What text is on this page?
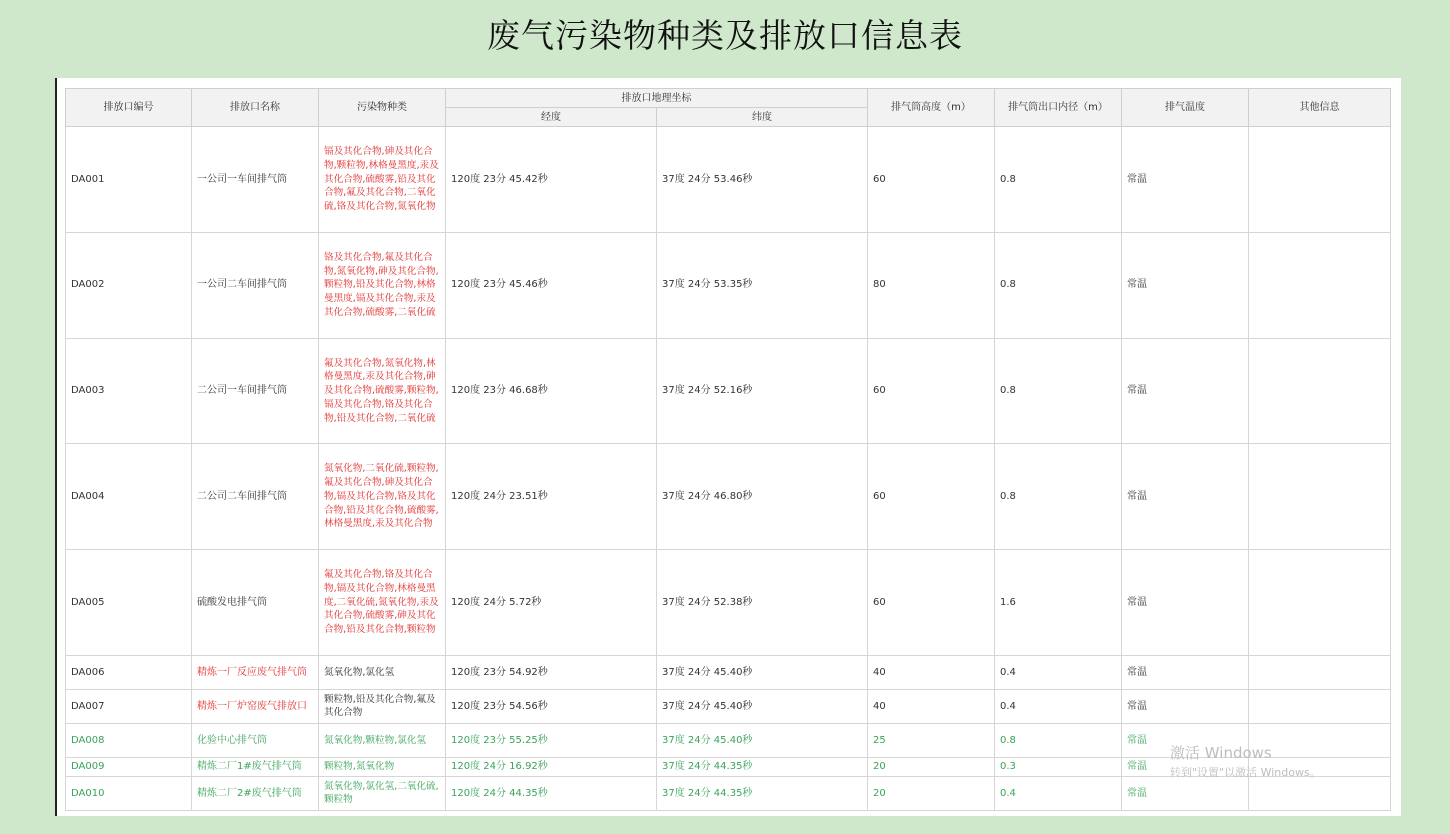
废气污染物种类及排放口信息表
排放口编号	排放口名称	污染物种类	排放口地理坐标		排气筒高度（m）	排气筒出口内径（m）	排气温度	其他信息
			经度	纬度				
DA001	一公司一车间排气筒	镉及其化合物,砷及其化合物,颗粒物,林格曼黑度,汞及其化合物,硫酸雾,铅及其化合物,氟及其化合物,二氧化硫,铬及其化合物,氮氧化物	120度 23分 45.42秒	37度 24分 53.46秒	60	0.8	常温	
DA002	一公司二车间排气筒	铬及其化合物,氟及其化合物,氮氧化物,砷及其化合物,颗粒物,铅及其化合物,林格曼黑度,镉及其化合物,汞及其化合物,硫酸雾,二氧化硫	120度 23分 45.46秒	37度 24分 53.35秒	80	0.8	常温	
DA003	二公司一车间排气筒	氟及其化合物,氮氧化物,林格曼黑度,汞及其化合物,砷及其化合物,硫酸雾,颗粒物,镉及其化合物,铬及其化合物,铅及其化合物,二氧化硫	120度 23分 46.68秒	37度 24分 52.16秒	60	0.8	常温	
DA004	二公司二车间排气筒	氮氧化物,二氧化硫,颗粒物,氟及其化合物,砷及其化合物,镉及其化合物,铬及其化合物,铅及其化合物,硫酸雾,林格曼黑度,汞及其化合物	120度 24分 23.51秒	37度 24分 46.80秒	60	0.8	常温	
DA005	硫酸发电排气筒	氟及其化合物,铬及其化合物,镉及其化合物,林格曼黑度,二氧化硫,氮氧化物,汞及其化合物,硫酸雾,砷及其化合物,铅及其化合物,颗粒物	120度 24分 5.72秒	37度 24分 52.38秒	60	1.6	常温	
DA006	精炼一厂反应废气排气筒	氮氧化物,氯化氢	120度 23分 54.92秒	37度 24分 45.40秒	40	0.4	常温	
DA007	精炼一厂炉窑废气排放口	颗粒物,铅及其化合物,氟及其化合物	120度 23分 54.56秒	37度 24分 45.40秒	40	0.4	常温	
DA008	化验中心排气筒	氮氧化物,颗粒物,氯化氢	120度 23分 55.25秒	37度 24分 45.40秒	25	0.8	常温	
DA009	精炼二厂1#废气排气筒	颗粒物,氮氧化物	120度 24分 16.92秒	37度 24分 44.35秒	20	0.3	常温	
DA010	精炼二厂2#废气排气筒	氮氧化物,氯化氢,二氧化硫,颗粒物	120度 24分 44.35秒	37度 24分 44.35秒	20	0.4	常温	
激活 Windows
转到"设置"以激活 Windows。
